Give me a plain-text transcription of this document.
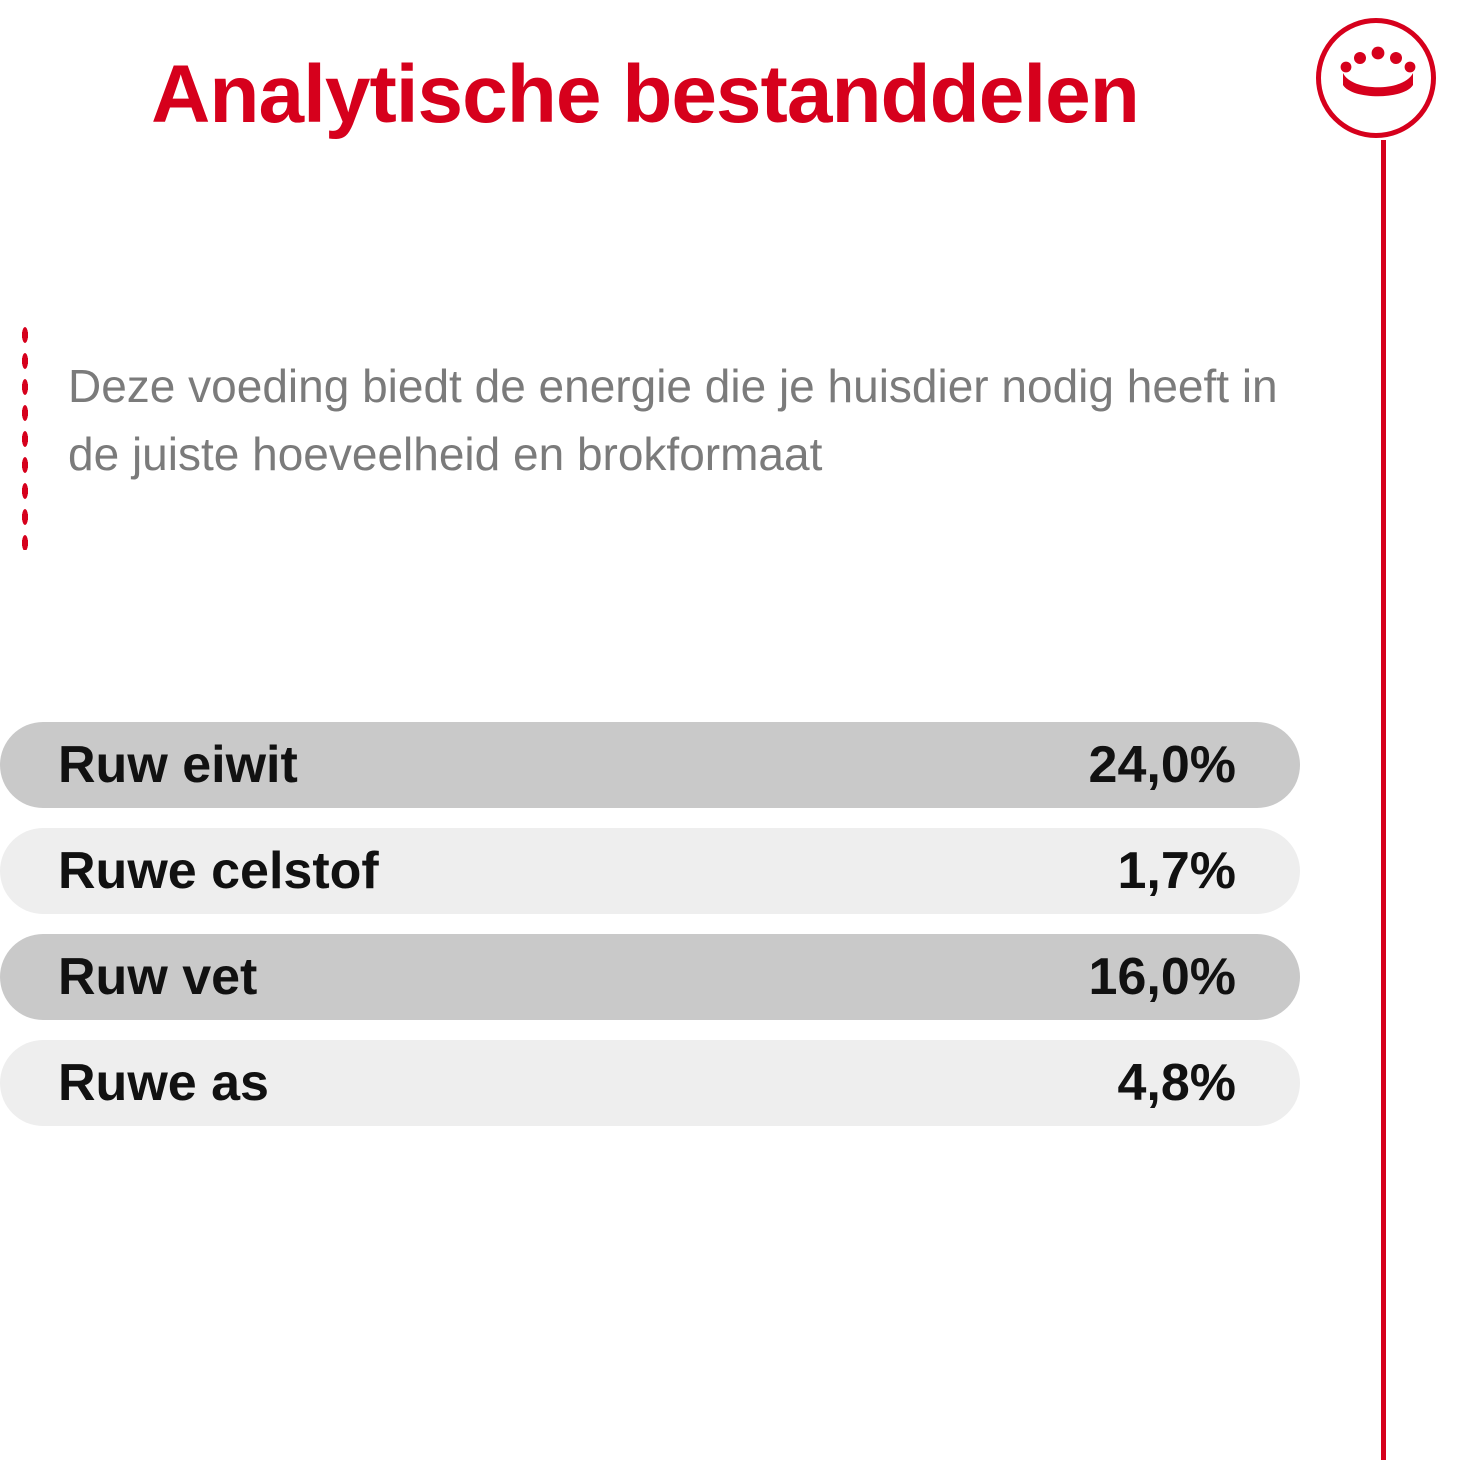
Analytische bestanddelen
Deze voeding biedt de energie die je huisdier nodig heeft in de juiste hoeveelheid en brokformaat
Ruw eiwit	24,0%
Ruwe celstof	1,7%
Ruw vet	16,0%
Ruwe as	4,8%
